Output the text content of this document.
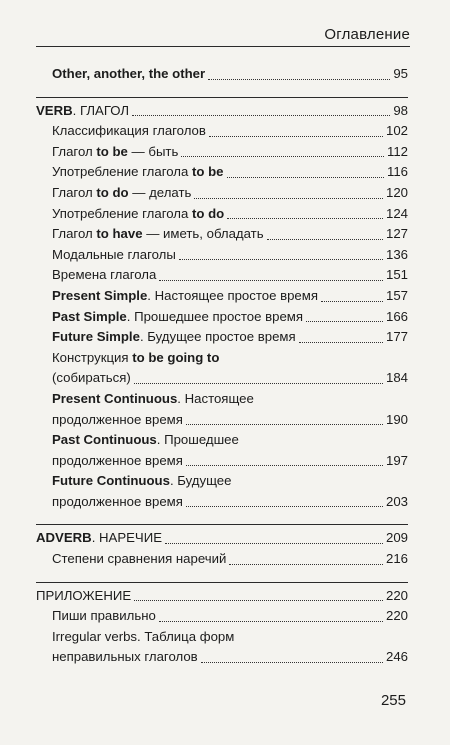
Оглавление
Other, another, the other	95
VERB. ГЛАГОЛ	98
Классификация глаголов	102
Глагол to be — быть	112
Употребление глагола to be	116
Глагол to do — делать	120
Употребление глагола to do	124
Глагол to have — иметь, обладать	127
Модальные глаголы	136
Времена глагола	151
Present Simple. Настоящее простое время	157
Past Simple. Прошедшее простое время	166
Future Simple. Будущее простое время	177
Конструкция to be going to
(собираться)	184
Present Continuous. Настоящее
продолженное время	190
Past Continuous. Прошедшее
продолженное время	197
Future Continuous. Будущее
продолженное время	203
ADVERB. НАРЕЧИЕ	209
Степени сравнения наречий	216
ПРИЛОЖЕНИЕ	220
Пиши правильно	220
Irregular verbs. Таблица форм
неправильных глаголов	246
255
